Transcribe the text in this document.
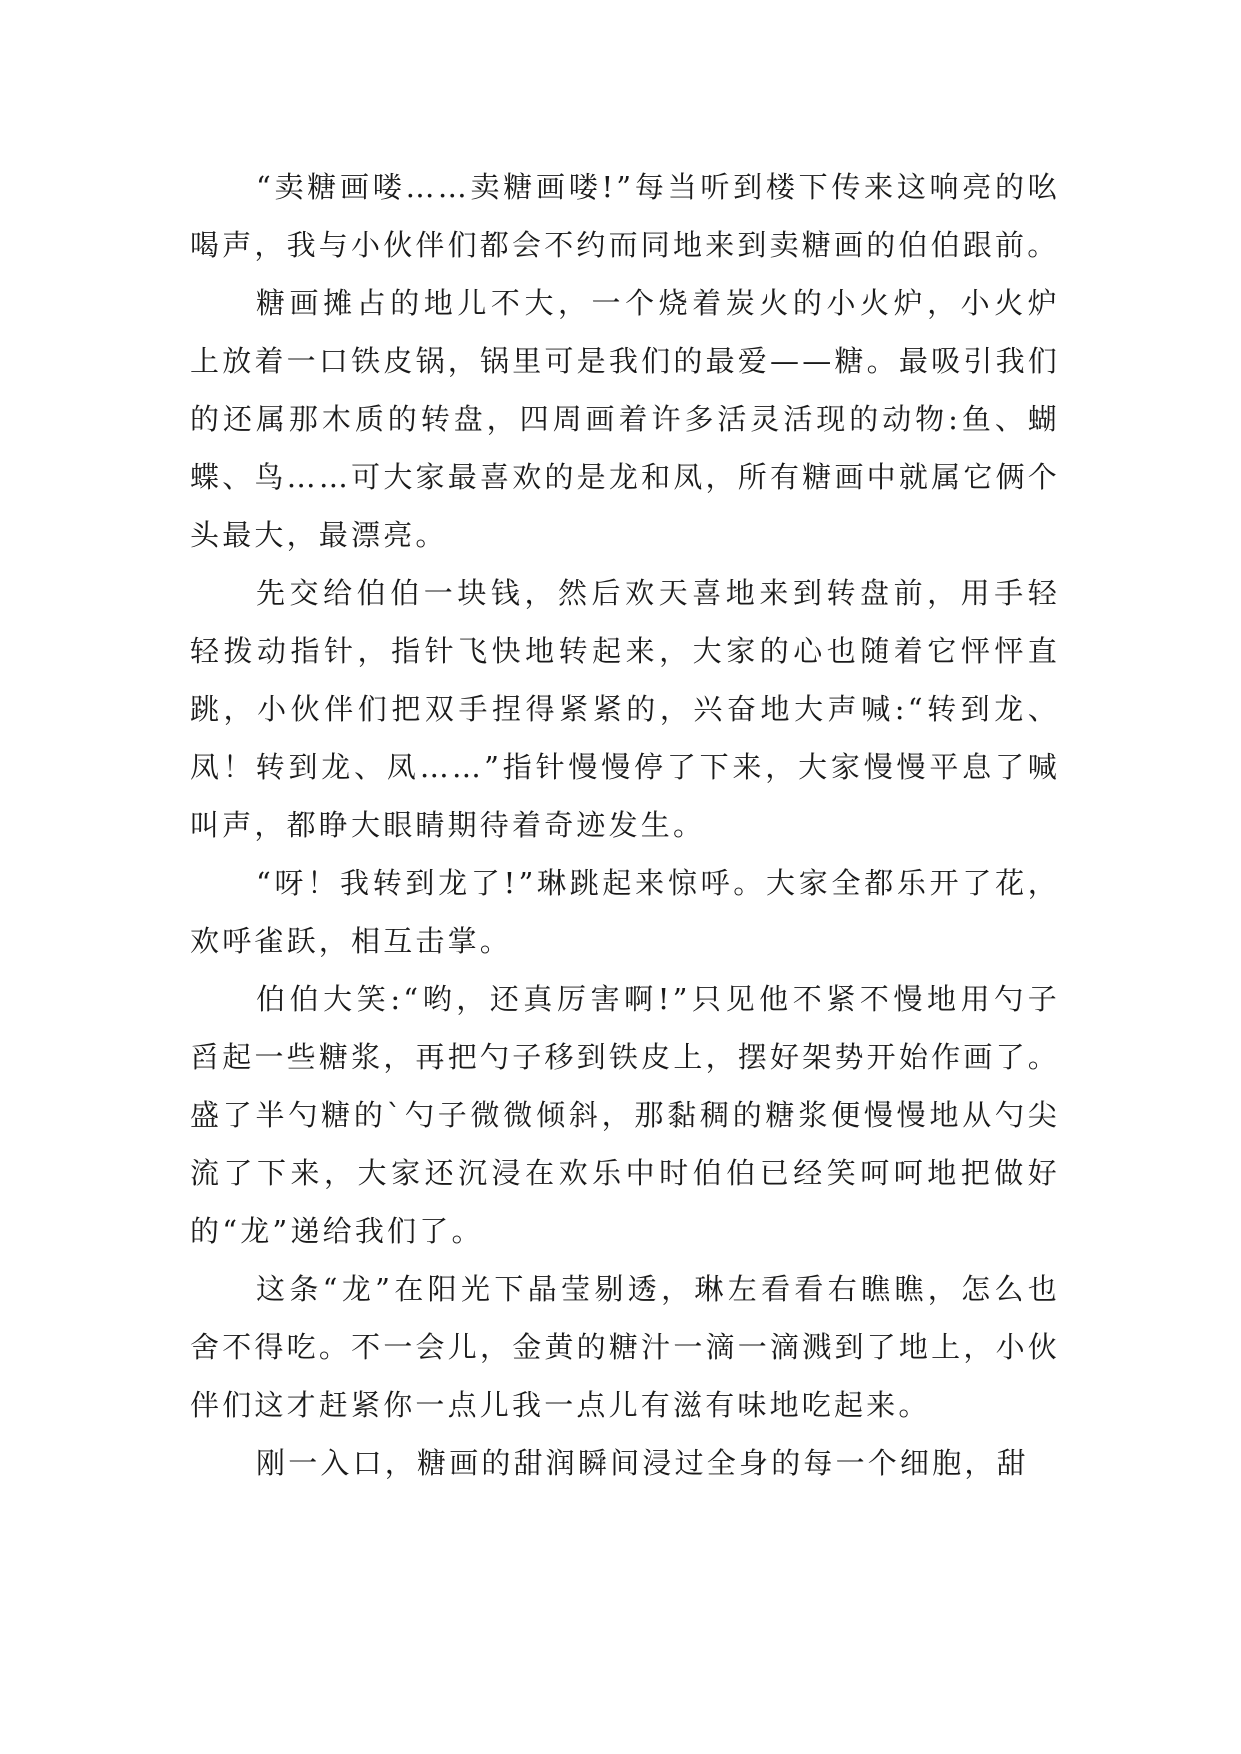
“卖糖画喽……卖糖画喽!”每当听到楼下传来这响亮的吆喝声，我与小伙伴们都会不约而同地来到卖糖画的伯伯跟前。

糖画摊占的地儿不大，一个烧着炭火的小火炉，小火炉上放着一口铁皮锅，锅里可是我们的最爱——糖。最吸引我们的还属那木质的转盘，四周画着许多活灵活现的动物:鱼、蝴蝶、鸟……可大家最喜欢的是龙和凤，所有糖画中就属它俩个头最大，最漂亮。

先交给伯伯一块钱，然后欢天喜地来到转盘前，用手轻轻拨动指针，指针飞快地转起来，大家的心也随着它怦怦直跳，小伙伴们把双手捏得紧紧的，兴奋地大声喊:“转到龙、凤！转到龙、凤……”指针慢慢停了下来，大家慢慢平息了喊叫声，都睁大眼睛期待着奇迹发生。

“呀！我转到龙了!”琳跳起来惊呼。大家全都乐开了花，欢呼雀跃，相互击掌。

伯伯大笑:“哟，还真厉害啊!”只见他不紧不慢地用勺子舀起一些糖浆，再把勺子移到铁皮上，摆好架势开始作画了。盛了半勺糖的`勺子微微倾斜，那黏稠的糖浆便慢慢地从勺尖流了下来，大家还沉浸在欢乐中时伯伯已经笑呵呵地把做好的“龙”递给我们了。

这条“龙”在阳光下晶莹剔透，琳左看看右瞧瞧，怎么也舍不得吃。不一会儿，金黄的糖汁一滴一滴溅到了地上，小伙伴们这才赶紧你一点儿我一点儿有滋有味地吃起来。

刚一入口，糖画的甜润瞬间浸过全身的每一个细胞，甜
